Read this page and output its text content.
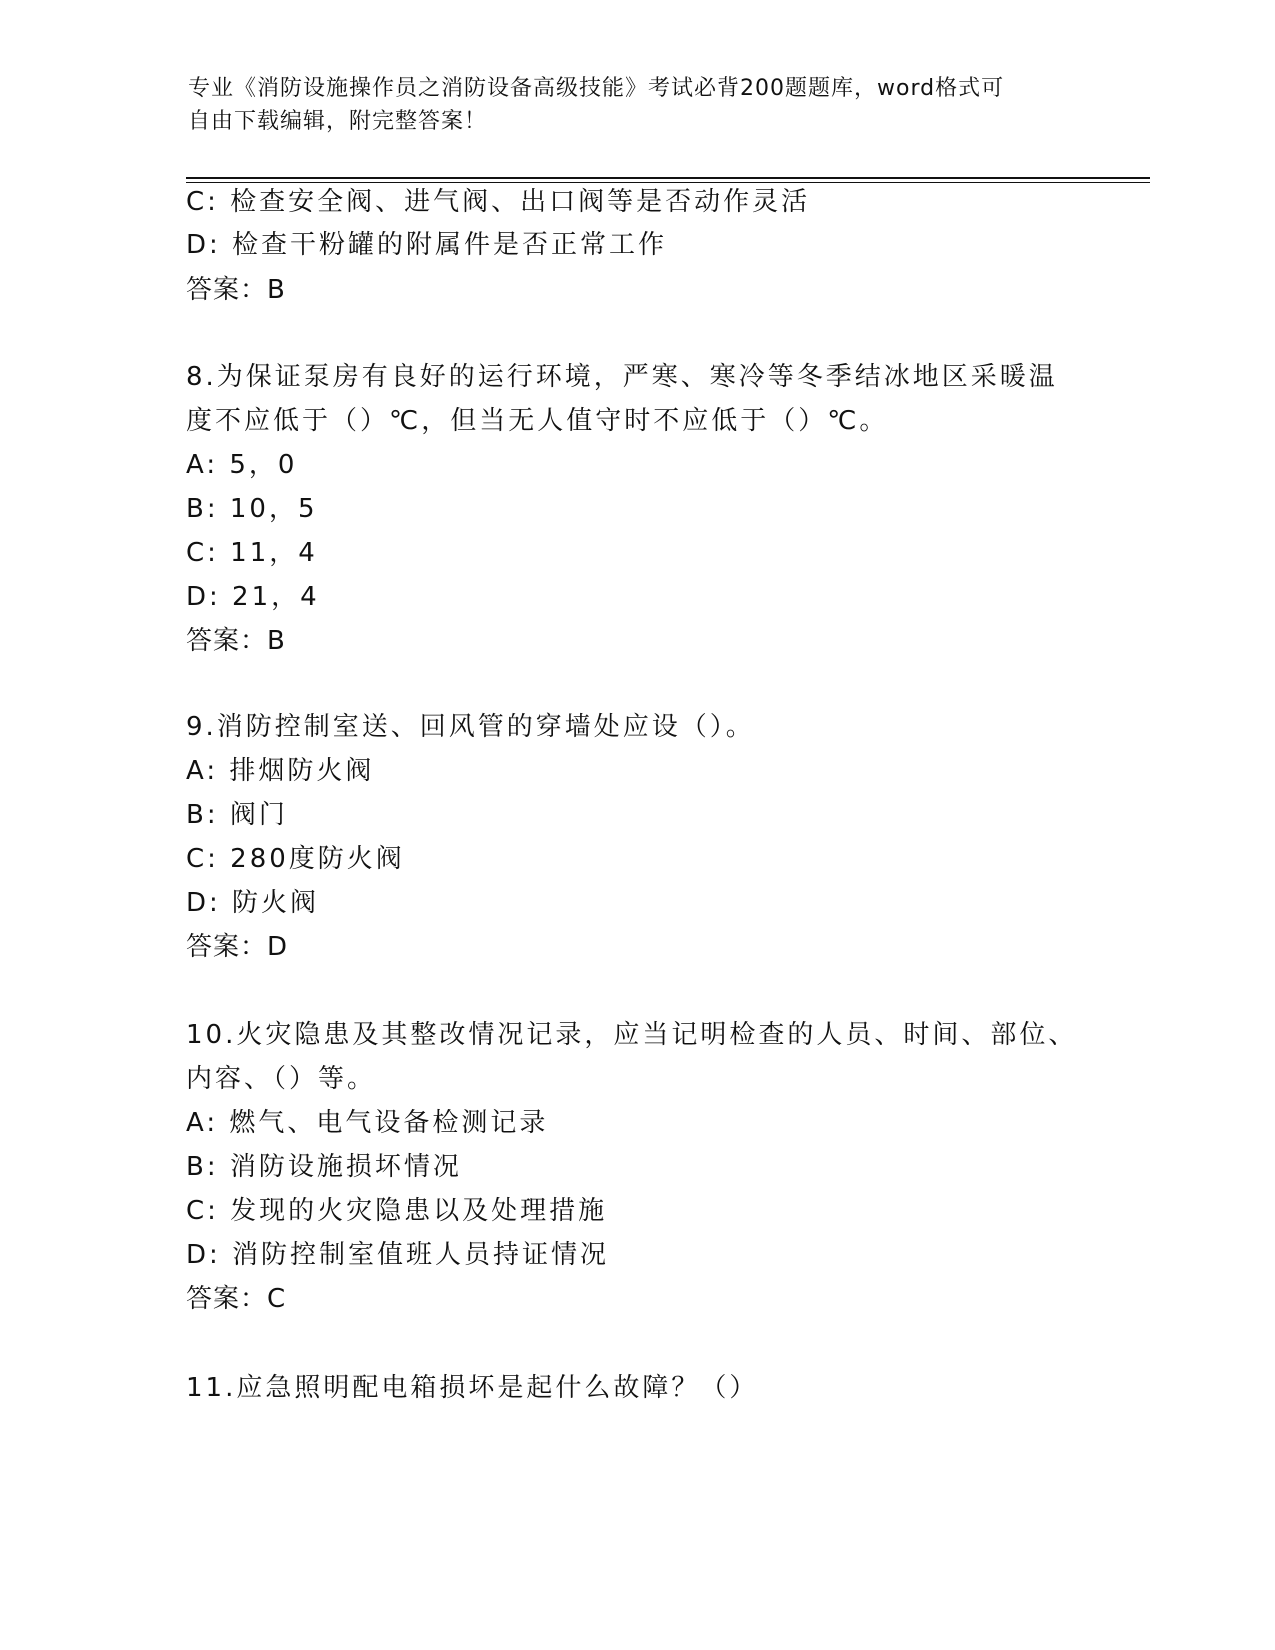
专业《消防设施操作员之消防设备高级技能》考试必背200题题库，word格式可
自由下载编辑，附完整答案！
C: 检查安全阀、进气阀、出口阀等是否动作灵活
D: 检查干粉罐的附属件是否正常工作
答案：B
8.为保证泵房有良好的运行环境，严寒、寒冷等冬季结冰地区采暖温
度不应低于（）℃，但当无人值守时不应低于（）℃。
A: 5，0
B: 10，5
C: 11，4
D: 21，4
答案：B
9.消防控制室送、回风管的穿墙处应设（）。
A: 排烟防火阀
B: 阀门
C: 280度防火阀
D: 防火阀
答案：D
10.火灾隐患及其整改情况记录，应当记明检查的人员、时间、部位、
内容、（）等。
A: 燃气、电气设备检测记录
B: 消防设施损坏情况
C: 发现的火灾隐患以及处理措施
D: 消防控制室值班人员持证情况
答案：C
11.应急照明配电箱损坏是起什么故障？（）
